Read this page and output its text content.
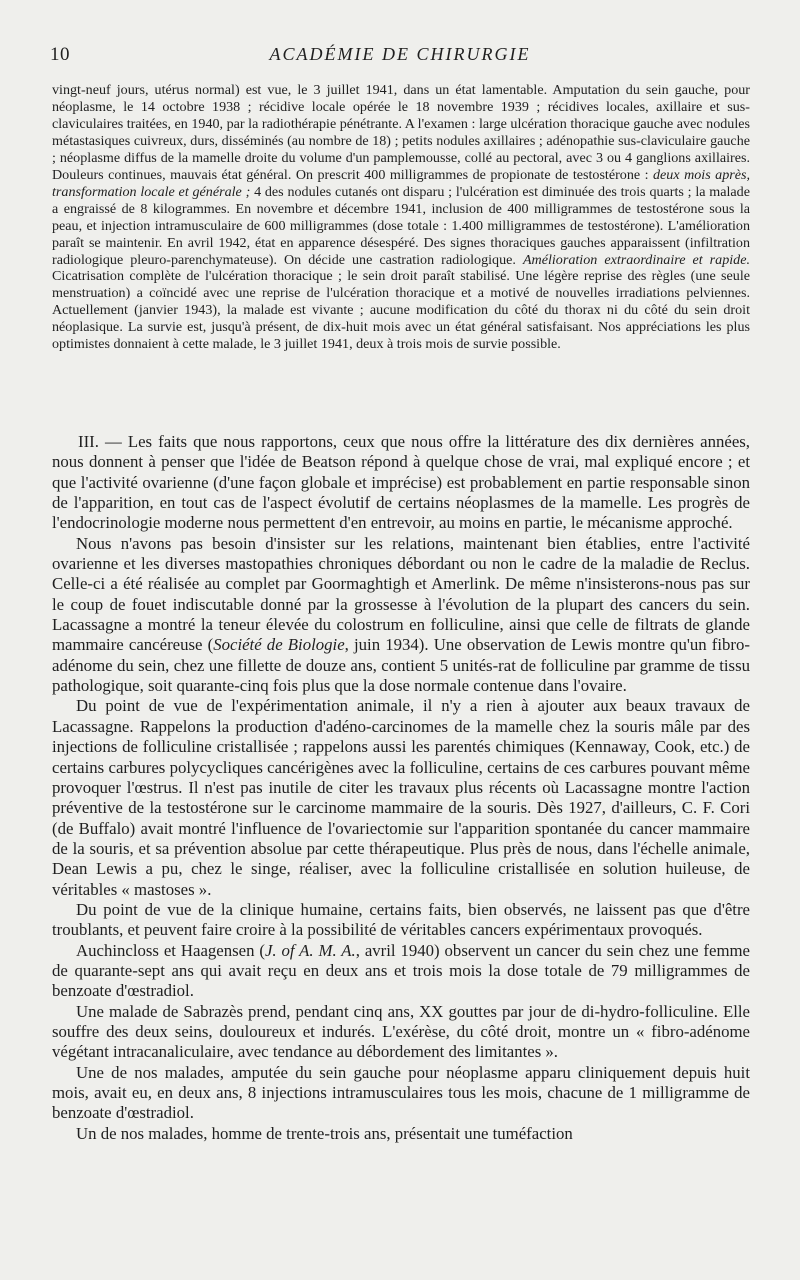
10	ACADÉMIE DE CHIRURGIE

vingt-neuf jours, utérus normal) est vue, le 3 juillet 1941, dans un état lamentable. Amputation du sein gauche, pour néoplasme, le 14 octobre 1938 ; récidive locale opérée le 18 novembre 1939 ; récidives locales, axillaire et sus-claviculaires traitées, en 1940, par la radiothérapie pénétrante. A l'examen : large ulcération thoracique gauche avec nodules métastasiques cuivreux, durs, disséminés (au nombre de 18) ; petits nodules axillaires ; adénopathie sus-claviculaire gauche ; néoplasme diffus de la mamelle droite du volume d'un pamplemousse, collé au pectoral, avec 3 ou 4 ganglions axillaires. Douleurs continues, mauvais état général. On prescrit 400 milligrammes de propionate de testostérone : deux mois après, transformation locale et générale ; 4 des nodules cutanés ont disparu ; l'ulcération est diminuée des trois quarts ; la malade a engraissé de 8 kilogrammes. En novembre et décembre 1941, inclusion de 400 milligrammes de testostérone sous la peau, et injection intramusculaire de 600 milligrammes (dose totale : 1.400 milligrammes de testostérone). L'amélioration paraît se maintenir. En avril 1942, état en apparence désespéré. Des signes thoraciques gauches apparaissent (infiltration radiologique pleuro-parenchymateuse). On décide une castration radiologique. Amélioration extraordinaire et rapide. Cicatrisation complète de l'ulcération thoracique ; le sein droit paraît stabilisé. Une légère reprise des règles (une seule menstruation) a coïncidé avec une reprise de l'ulcération thoracique et a motivé de nouvelles irradiations pelviennes. Actuellement (janvier 1943), la malade est vivante ; aucune modification du côté du thorax ni du côté du sein droit néoplasique. La survie est, jusqu'à présent, de dix-huit mois avec un état général satisfaisant. Nos appréciations les plus optimistes donnaient à cette malade, le 3 juillet 1941, deux à trois mois de survie possible.

III. — Les faits que nous rapportons, ceux que nous offre la littérature des dix dernières années, nous donnent à penser que l'idée de Beatson répond à quelque chose de vrai, mal expliqué encore ; et que l'activité ovarienne (d'une façon globale et imprécise) est probablement en partie responsable sinon de l'apparition, en tout cas de l'aspect évolutif de certains néoplasmes de la mamelle. Les progrès de l'endocrinologie moderne nous permettent d'en entrevoir, au moins en partie, le mécanisme approché.

Nous n'avons pas besoin d'insister sur les relations, maintenant bien établies, entre l'activité ovarienne et les diverses mastopathies chroniques débordant ou non le cadre de la maladie de Reclus. Celle-ci a été réalisée au complet par Goormaghtigh et Amerlink. De même n'insisterons-nous pas sur le coup de fouet indiscutable donné par la grossesse à l'évolution de la plupart des cancers du sein. Lacassagne a montré la teneur élevée du colostrum en folliculine, ainsi que celle de filtrats de glande mammaire cancéreuse (Société de Biologie, juin 1934). Une observation de Lewis montre qu'un fibro-adénome du sein, chez une fillette de douze ans, contient 5 unités-rat de folliculine par gramme de tissu pathologique, soit quarante-cinq fois plus que la dose normale contenue dans l'ovaire.

Du point de vue de l'expérimentation animale, il n'y a rien à ajouter aux beaux travaux de Lacassagne. Rappelons la production d'adéno-carcinomes de la mamelle chez la souris mâle par des injections de folliculine cristallisée ; rappelons aussi les parentés chimiques (Kennaway, Cook, etc.) de certains carbures polycycliques cancérigènes avec la folliculine, certains de ces carbures pouvant même provoquer l'œstrus. Il n'est pas inutile de citer les travaux plus récents où Lacassagne montre l'action préventive de la testostérone sur le carcinome mammaire de la souris. Dès 1927, d'ailleurs, C. F. Cori (de Buffalo) avait montré l'influence de l'ovariectomie sur l'apparition spontanée du cancer mammaire de la souris, et sa prévention absolue par cette thérapeutique. Plus près de nous, dans l'échelle animale, Dean Lewis a pu, chez le singe, réaliser, avec la folliculine cristallisée en solution huileuse, de véritables « mastoses ».

Du point de vue de la clinique humaine, certains faits, bien observés, ne laissent pas que d'être troublants, et peuvent faire croire à la possibilité de véritables cancers expérimentaux provoqués.

Auchincloss et Haagensen (J. of A. M. A., avril 1940) observent un cancer du sein chez une femme de quarante-sept ans qui avait reçu en deux ans et trois mois la dose totale de 79 milligrammes de benzoate d'œstradiol.

Une malade de Sabrazès prend, pendant cinq ans, XX gouttes par jour de di-hydro-folliculine. Elle souffre des deux seins, douloureux et indurés. L'exérèse, du côté droit, montre un « fibro-adénome végétant intracanaliculaire, avec tendance au débordement des limitantes ».

Une de nos malades, amputée du sein gauche pour néoplasme apparu cliniquement depuis huit mois, avait eu, en deux ans, 8 injections intramusculaires tous les mois, chacune de 1 milligramme de benzoate d'œstradiol.

Un de nos malades, homme de trente-trois ans, présentait une tuméfaction
